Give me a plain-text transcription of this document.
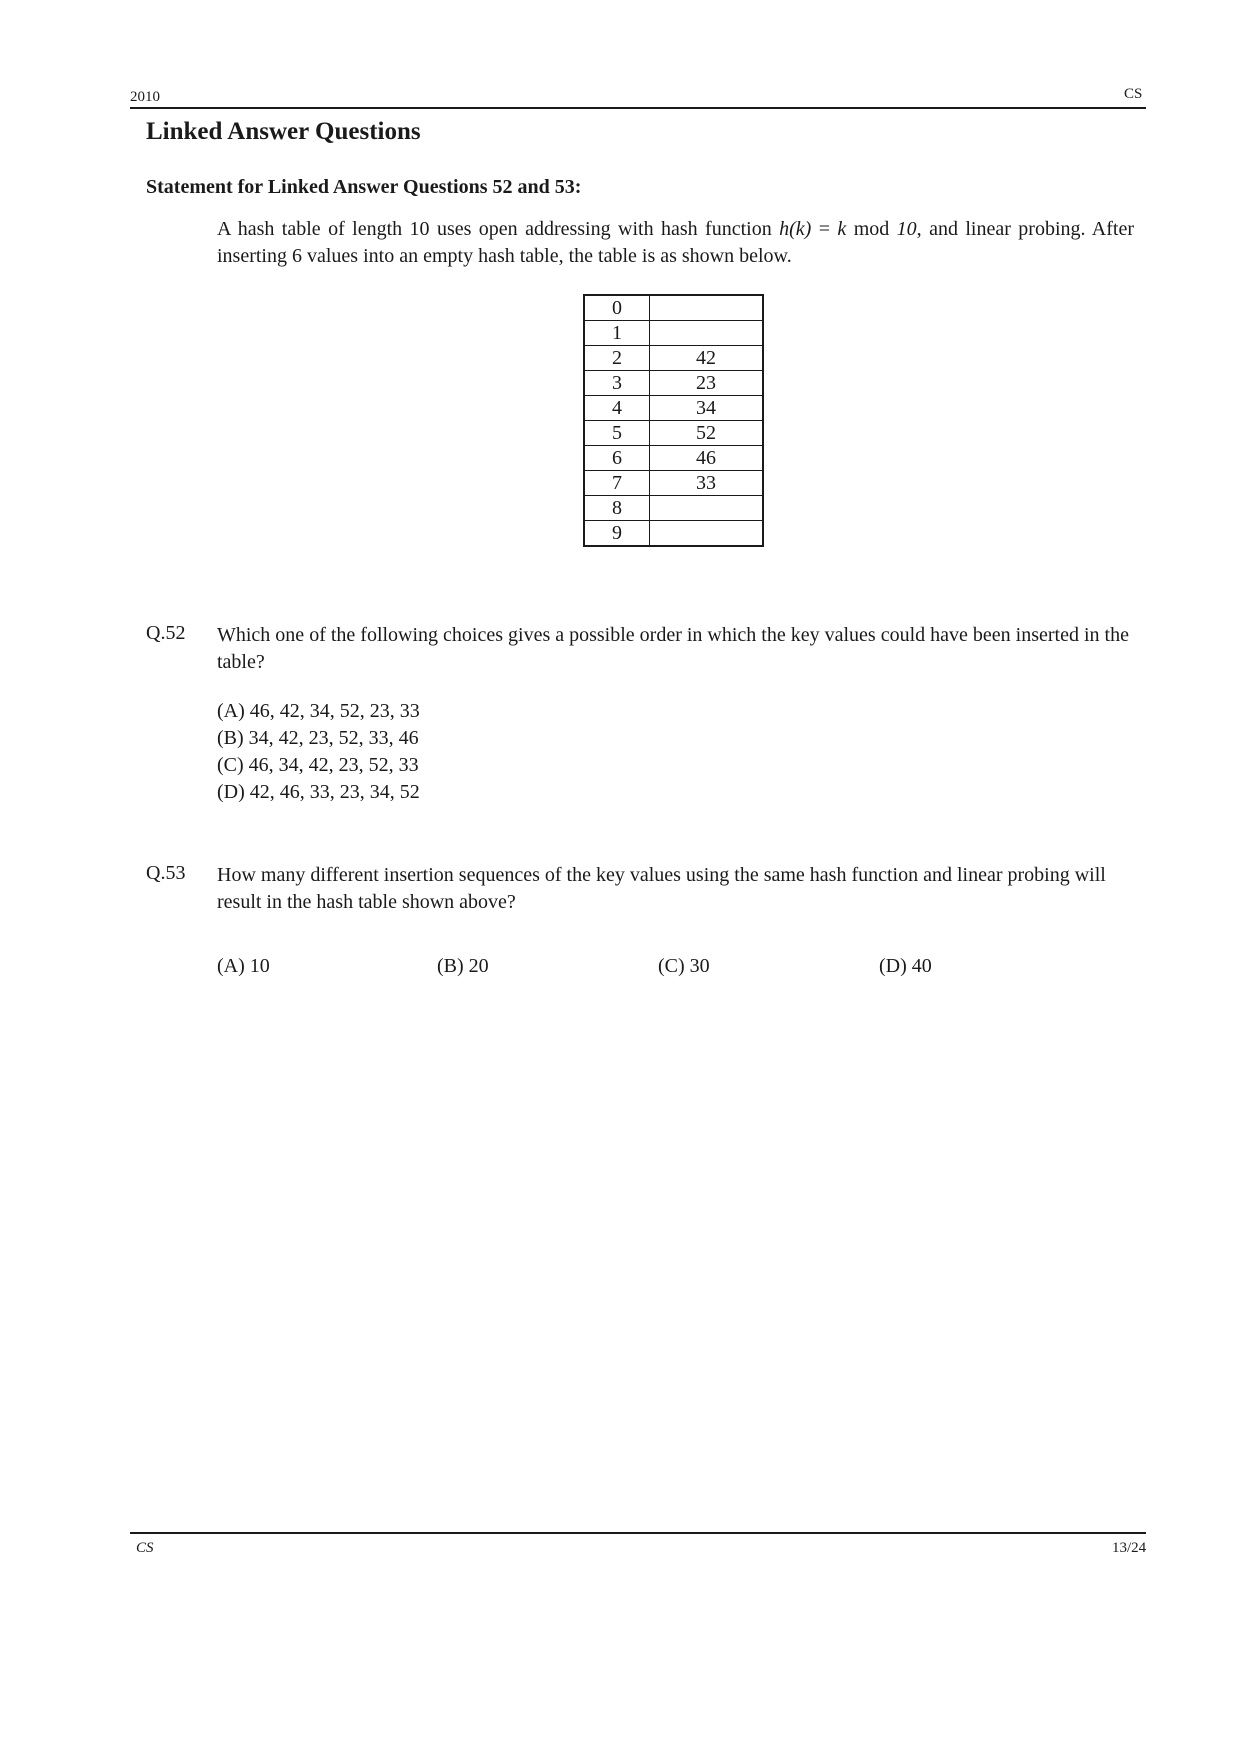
2010	CS
Linked Answer Questions
Statement for Linked Answer Questions 52 and 53:
A hash table of length 10 uses open addressing with hash function h(k) = k mod 10, and linear probing. After inserting 6 values into an empty hash table, the table is as shown below.
0	
1	
2	42
3	23
4	34
5	52
6	46
7	33
8	
9	
Q.52 Which one of the following choices gives a possible order in which the key values could have been inserted in the table?
(A) 46, 42, 34, 52, 23, 33
(B) 34, 42, 23, 52, 33, 46
(C) 46, 34, 42, 23, 52, 33
(D) 42, 46, 33, 23, 34, 52
Q.53 How many different insertion sequences of the key values using the same hash function and linear probing will result in the hash table shown above?
(A) 10	(B) 20	(C) 30	(D) 40
CS	13/24
